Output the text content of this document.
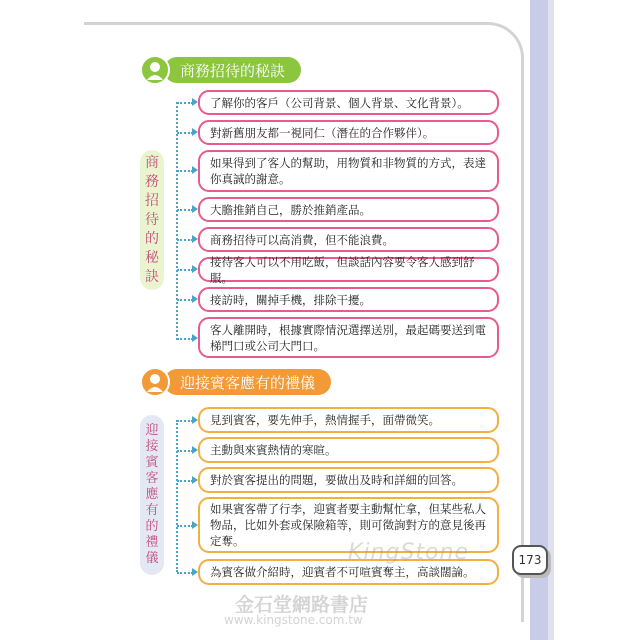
商務招待的秘訣
商
務
招
待
的
秘
訣
了解你的客戶（公司背景、個人背景、文化背景）。
對新舊朋友都一視同仁（潛在的合作夥伴）。
如果得到了客人的幫助，用物質和非物質的方式，表達你真誠的謝意。
大膽推銷自己，勝於推銷產品。
商務招待可以高消費，但不能浪費。
接待客人可以不用吃飯，但談話內容要令客人感到舒服。
接訪時，關掉手機，排除干擾。
客人離開時，根據實際情況選擇送別，最起碼要送到電梯門口或公司大門口。
迎接賓客應有的禮儀
迎
接
賓
客
應
有
的
禮
儀
見到賓客，要先伸手，熱情握手，面帶微笑。
主動與來賓熱情的寒暄。
對於賓客提出的問題，要做出及時和詳細的回答。
如果賓客帶了行李，迎賓者要主動幫忙拿，但某些私人物品，比如外套或保險箱等，則可徵詢對方的意見後再定奪。
為賓客做介紹時，迎賓者不可喧賓奪主，高談闊論。
173
KingStone
金石堂網路書店
www.kingstone.com.tw
